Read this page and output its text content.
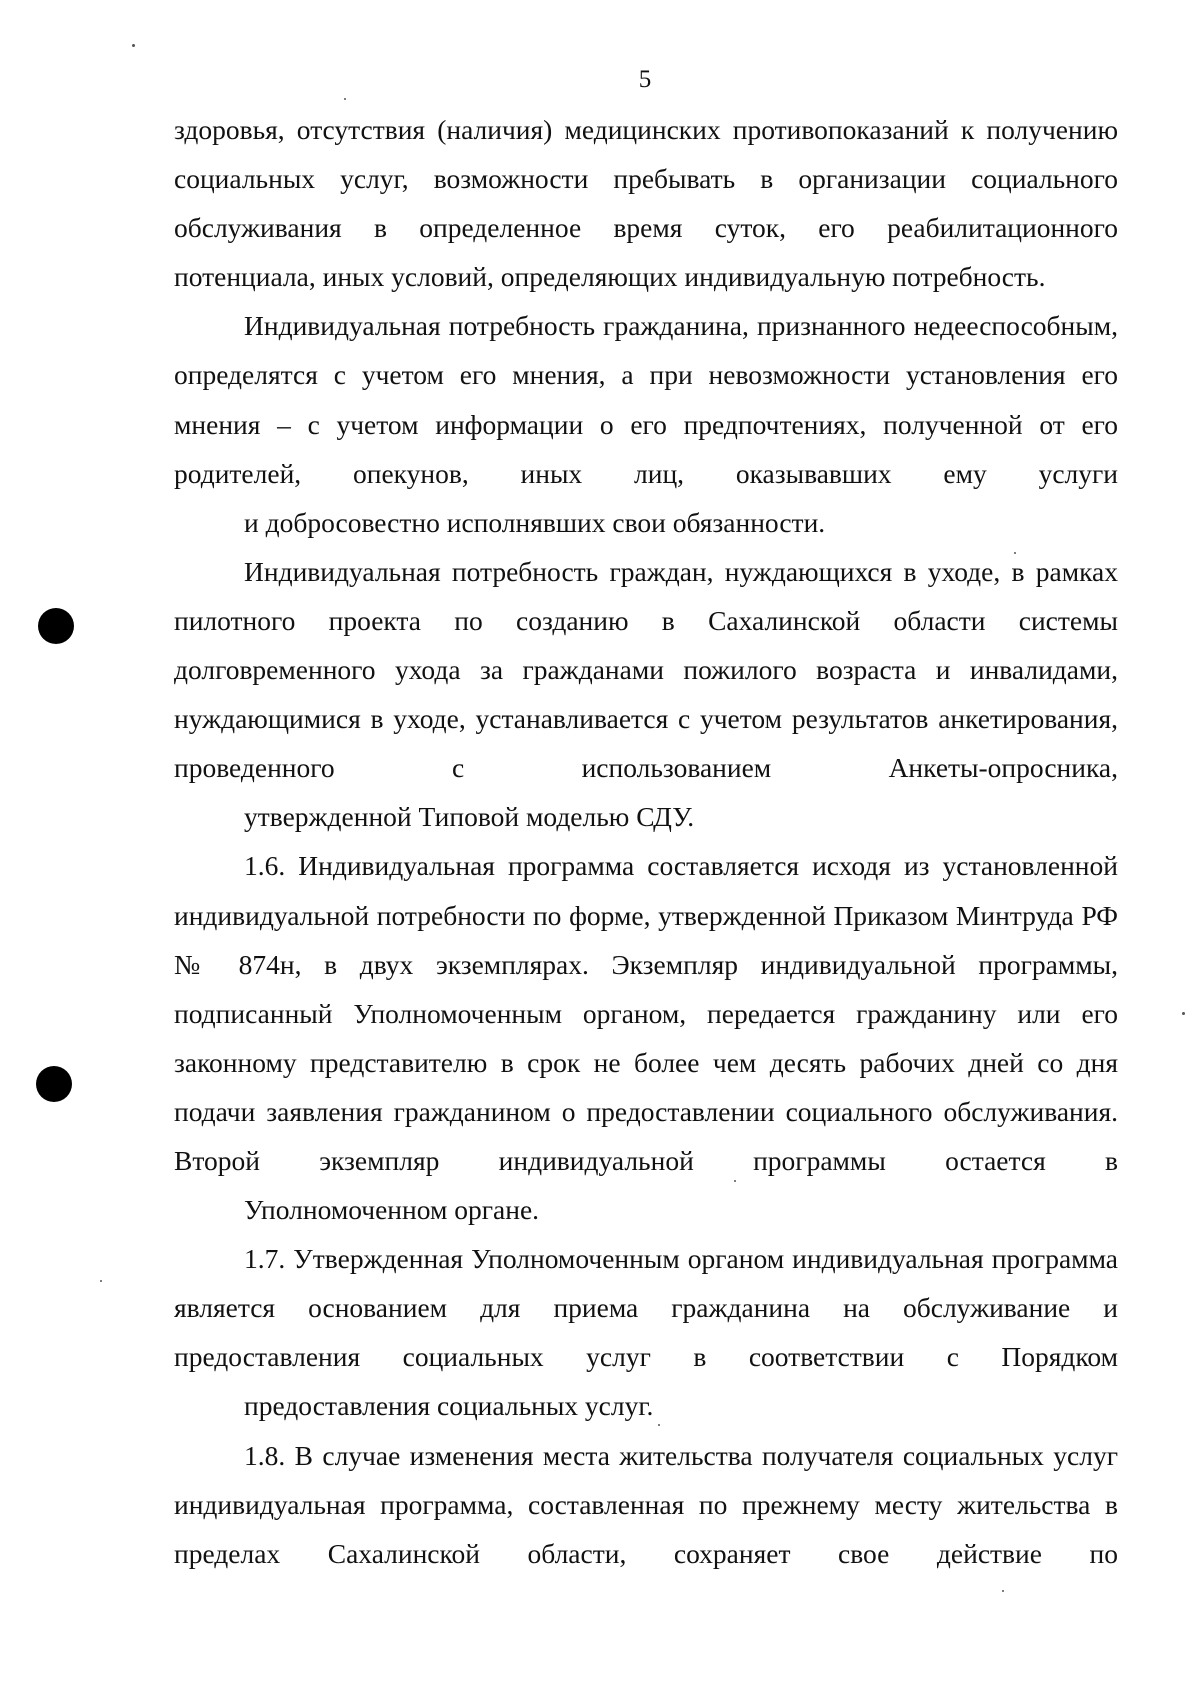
5

здоровья, отсутствия (наличия) медицинских противопоказаний к получению социальных услуг, возможности пребывать в организации социального обслуживания в определенное время суток, его реабилитационного
потенциала, иных условий, определяющих индивидуальную потребность.

Индивидуальная потребность гражданина, признанного недееспособным, определятся с учетом его мнения, а при невозможности установления его мнения – с учетом информации о его предпочтениях, полученной от его родителей, опекунов, иных лиц, оказывавших ему услуги
и добросовестно исполнявших свои обязанности.

Индивидуальная потребность граждан, нуждающихся в уходе, в рамках пилотного проекта по созданию в Сахалинской области системы долговременного ухода за гражданами пожилого возраста и инвалидами, нуждающимися в уходе, устанавливается с учетом результатов анкетирования, проведенного с использованием Анкеты-опросника,
утвержденной Типовой моделью СДУ.

1.6. Индивидуальная программа составляется исходя из установленной индивидуальной потребности по форме, утвержденной Приказом Минтруда РФ № 874н, в двух экземплярах. Экземпляр индивидуальной программы, подписанный Уполномоченным органом, передается гражданину или его законному представителю в срок не более чем десять рабочих дней со дня подачи заявления гражданином о предоставлении социального обслуживания. Второй экземпляр индивидуальной программы остается в
Уполномоченном органе.

1.7. Утвержденная Уполномоченным органом индивидуальная программа является основанием для приема гражданина на обслуживание и предоставления социальных услуг в соответствии с Порядком
предоставления социальных услуг.

1.8. В случае изменения места жительства получателя социальных услуг индивидуальная программа, составленная по прежнему месту жительства в пределах Сахалинской области, сохраняет свое действие по
